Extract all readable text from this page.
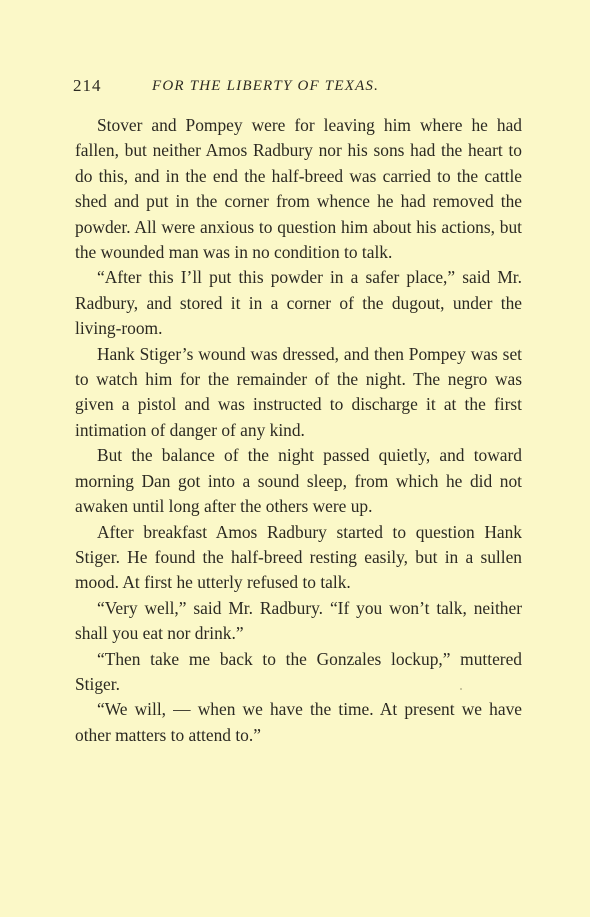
214	FOR THE LIBERTY OF TEXAS.

Stover and Pompey were for leaving him where he had fallen, but neither Amos Radbury nor his sons had the heart to do this, and in the end the half-breed was carried to the cattle shed and put in the corner from whence he had removed the powder. All were anxious to question him about his actions, but the wounded man was in no condition to talk.

“After this I’ll put this powder in a safer place,” said Mr. Radbury, and stored it in a corner of the dugout, under the living-room.

Hank Stiger’s wound was dressed, and then Pompey was set to watch him for the remainder of the night. The negro was given a pistol and was instructed to discharge it at the first intimation of danger of any kind.

But the balance of the night passed quietly, and toward morning Dan got into a sound sleep, from which he did not awaken until long after the others were up.

After breakfast Amos Radbury started to question Hank Stiger. He found the half-breed resting easily, but in a sullen mood. At first he utterly refused to talk.

“Very well,” said Mr. Radbury. “If you won’t talk, neither shall you eat nor drink.”

“Then take me back to the Gonzales lockup,” muttered Stiger.

“We will, — when we have the time. At present we have other matters to attend to.”
